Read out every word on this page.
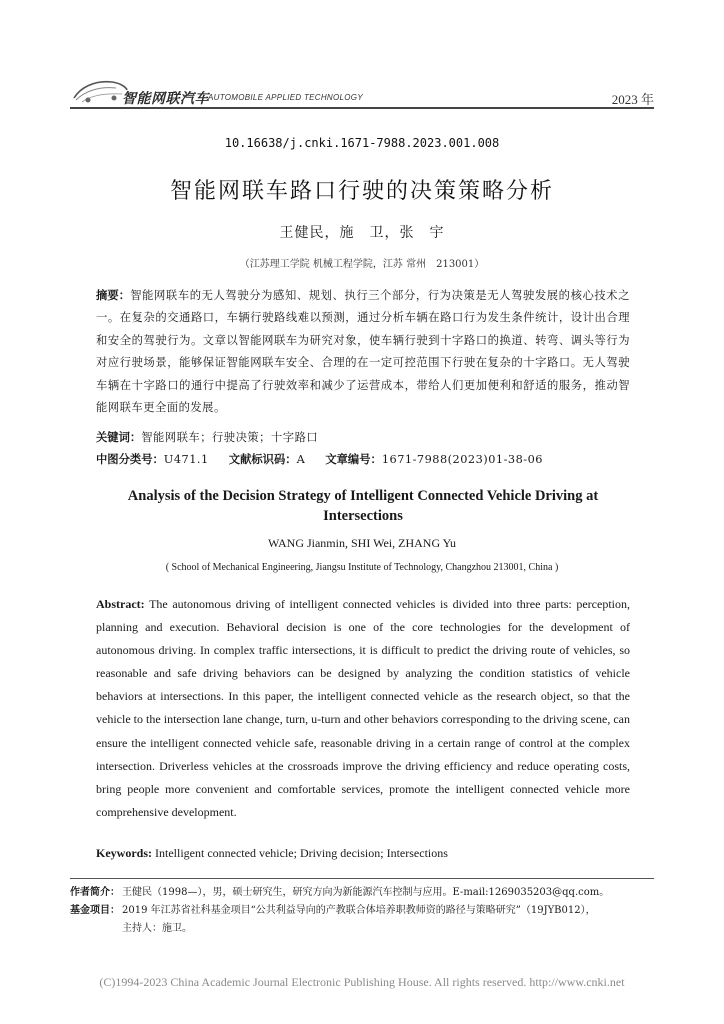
智能网联汽车 AUTOMOBILE APPLIED TECHNOLOGY	2023 年
10.16638/j.cnki.1671-7988.2023.001.008
智能网联车路口行驶的决策策略分析
王健民，施　卫，张　宇
（江苏理工学院 机械工程学院，江苏 常州　213001）
摘要：智能网联车的无人驾驶分为感知、规划、执行三个部分，行为决策是无人驾驶发展的核心技术之一。在复杂的交通路口，车辆行驶路线难以预测，通过分析车辆在路口行为发生条件统计，设计出合理和安全的驾驶行为。文章以智能网联车为研究对象，使车辆行驶到十字路口的换道、转弯、调头等行为对应行驶场景，能够保证智能网联车安全、合理的在一定可控范围下行驶在复杂的十字路口。无人驾驶车辆在十字路口的通行中提高了行驶效率和减少了运营成本，带给人们更加便利和舒适的服务，推动智能网联车更全面的发展。
关键词：智能网联车；行驶决策；十字路口
中图分类号：U471.1 文献标识码：A 文章编号：1671-7988(2023)01-38-06
Analysis of the Decision Strategy of Intelligent Connected Vehicle Driving at Intersections
WANG Jianmin, SHI Wei, ZHANG Yu
( School of Mechanical Engineering, Jiangsu Institute of Technology, Changzhou 213001, China )
Abstract: The autonomous driving of intelligent connected vehicles is divided into three parts: perception, planning and execution. Behavioral decision is one of the core technologies for the development of autonomous driving. In complex traffic intersections, it is difficult to predict the driving route of vehicles, so reasonable and safe driving behaviors can be designed by analyzing the condition statistics of vehicle behaviors at intersections. In this paper, the intelligent connected vehicle as the research object, so that the vehicle to the intersection lane change, turn, u-turn and other behaviors corresponding to the driving scene, can ensure the intelligent connected vehicle safe, reasonable driving in a certain range of control at the complex intersection. Driverless vehicles at the crossroads improve the driving efficiency and reduce operating costs, bring people more convenient and comfortable services, promote the intelligent connected vehicle more comprehensive development.
Keywords: Intelligent connected vehicle; Driving decision; Intersections
作者简介： 王健民（1998—），男，硕士研究生，研究方向为新能源汽车控制与应用。E-mail:1269035203@qq.com。
基金项目： 2019 年江苏省社科基金项目“公共利益导向的产教联合体培养职教师资的路径与策略研究”（19JYB012），
主持人：施卫。
(C)1994-2023 China Academic Journal Electronic Publishing House. All rights reserved. http://www.cnki.net
